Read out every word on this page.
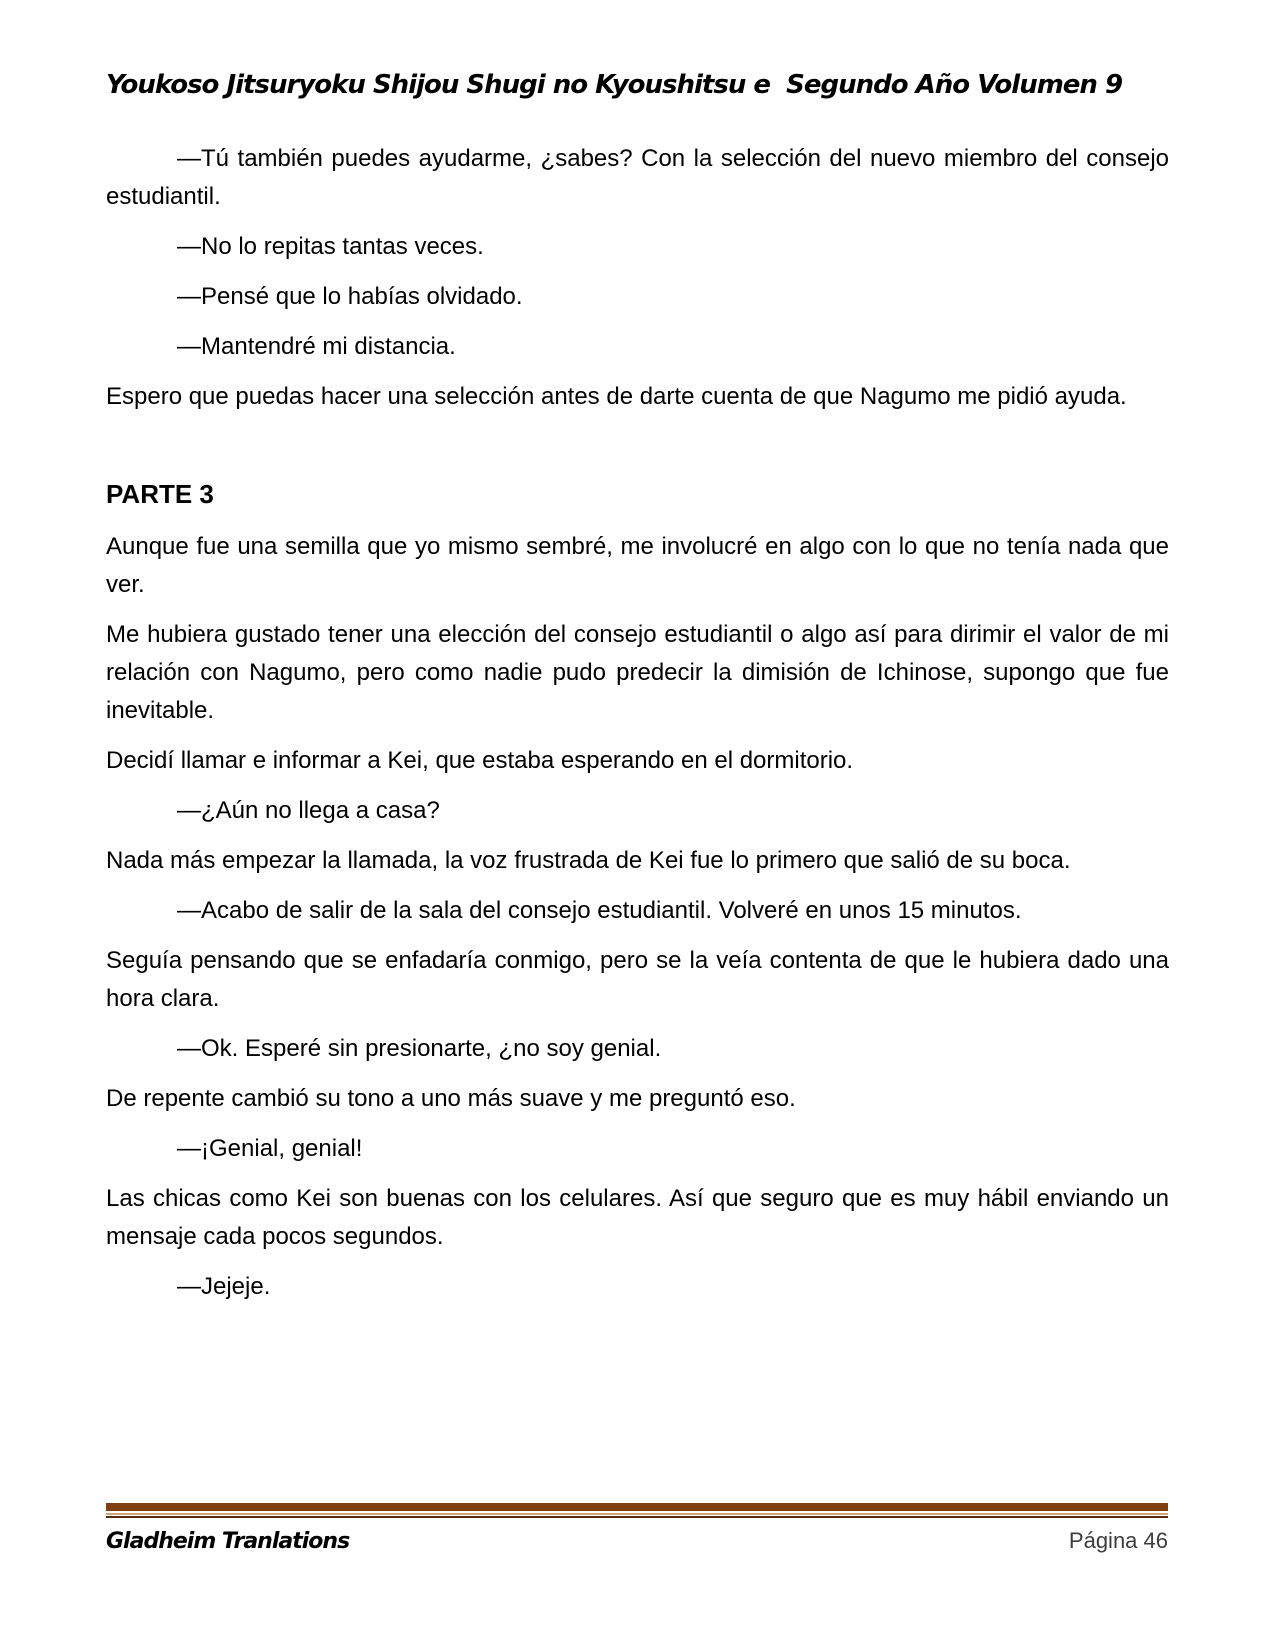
Youkoso Jitsuryoku Shijou Shugi no Kyoushitsu e  Segundo Año Volumen 9

—Tú también puedes ayudarme, ¿sabes? Con la selección del nuevo miembro del consejo estudiantil.

—No lo repitas tantas veces.

—Pensé que lo habías olvidado.

—Mantendré mi distancia.

Espero que puedas hacer una selección antes de darte cuenta de que Nagumo me pidió ayuda.

PARTE 3

Aunque fue una semilla que yo mismo sembré, me involucré en algo con lo que no tenía nada que ver.

Me hubiera gustado tener una elección del consejo estudiantil o algo así para dirimir el valor de mi relación con Nagumo, pero como nadie pudo predecir la dimisión de Ichinose, supongo que fue inevitable.

Decidí llamar e informar a Kei, que estaba esperando en el dormitorio.

—¿Aún no llega a casa?

Nada más empezar la llamada, la voz frustrada de Kei fue lo primero que salió de su boca.

—Acabo de salir de la sala del consejo estudiantil. Volveré en unos 15 minutos.

Seguía pensando que se enfadaría conmigo, pero se la veía contenta de que le hubiera dado una hora clara.

—Ok. Esperé sin presionarte, ¿no soy genial.

De repente cambió su tono a uno más suave y me preguntó eso.

—¡Genial, genial!

Las chicas como Kei son buenas con los celulares. Así que seguro que es muy hábil enviando un mensaje cada pocos segundos.

—Jejeje.

Gladheim Tranlations	Página 46
